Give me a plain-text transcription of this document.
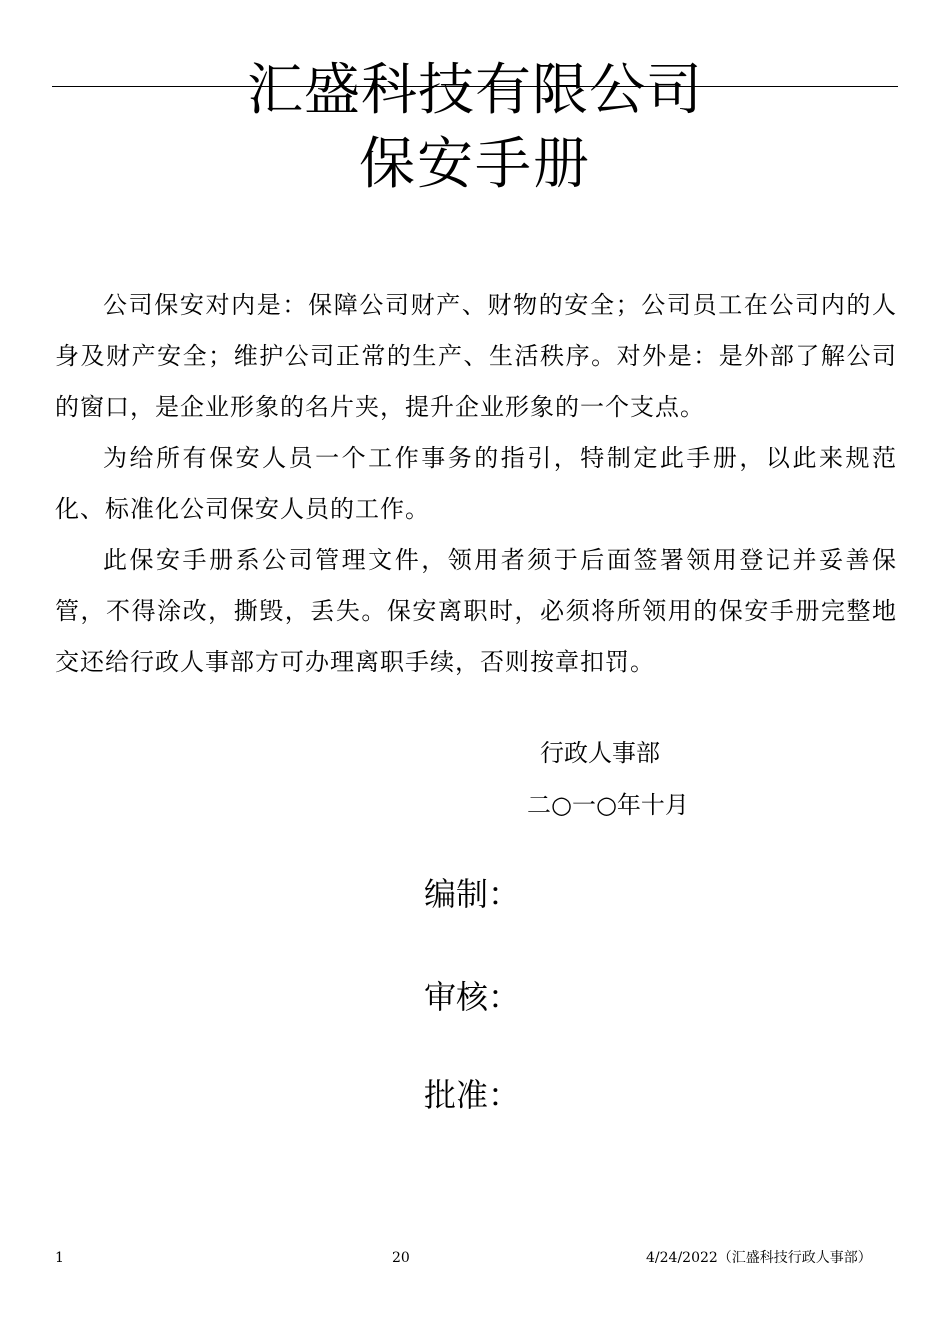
汇盛科技有限公司
保安手册

公司保安对内是：保障公司财产、财物的安全；公司员工在公司内的人身及财产安全；维护公司正常的生产、生活秩序。对外是：是外部了解公司的窗口，是企业形象的名片夹，提升企业形象的一个支点。

为给所有保安人员一个工作事务的指引，特制定此手册，以此来规范化、标准化公司保安人员的工作。

此保安手册系公司管理文件，领用者须于后面签署领用登记并妥善保管，不得涂改，撕毁，丢失。保安离职时，必须将所领用的保安手册完整地交还给行政人事部方可办理离职手续，否则按章扣罚。

行政人事部
二○一○年十月
编制：
审核：
批准：
1	20	4/24/2022（汇盛科技行政人事部）
